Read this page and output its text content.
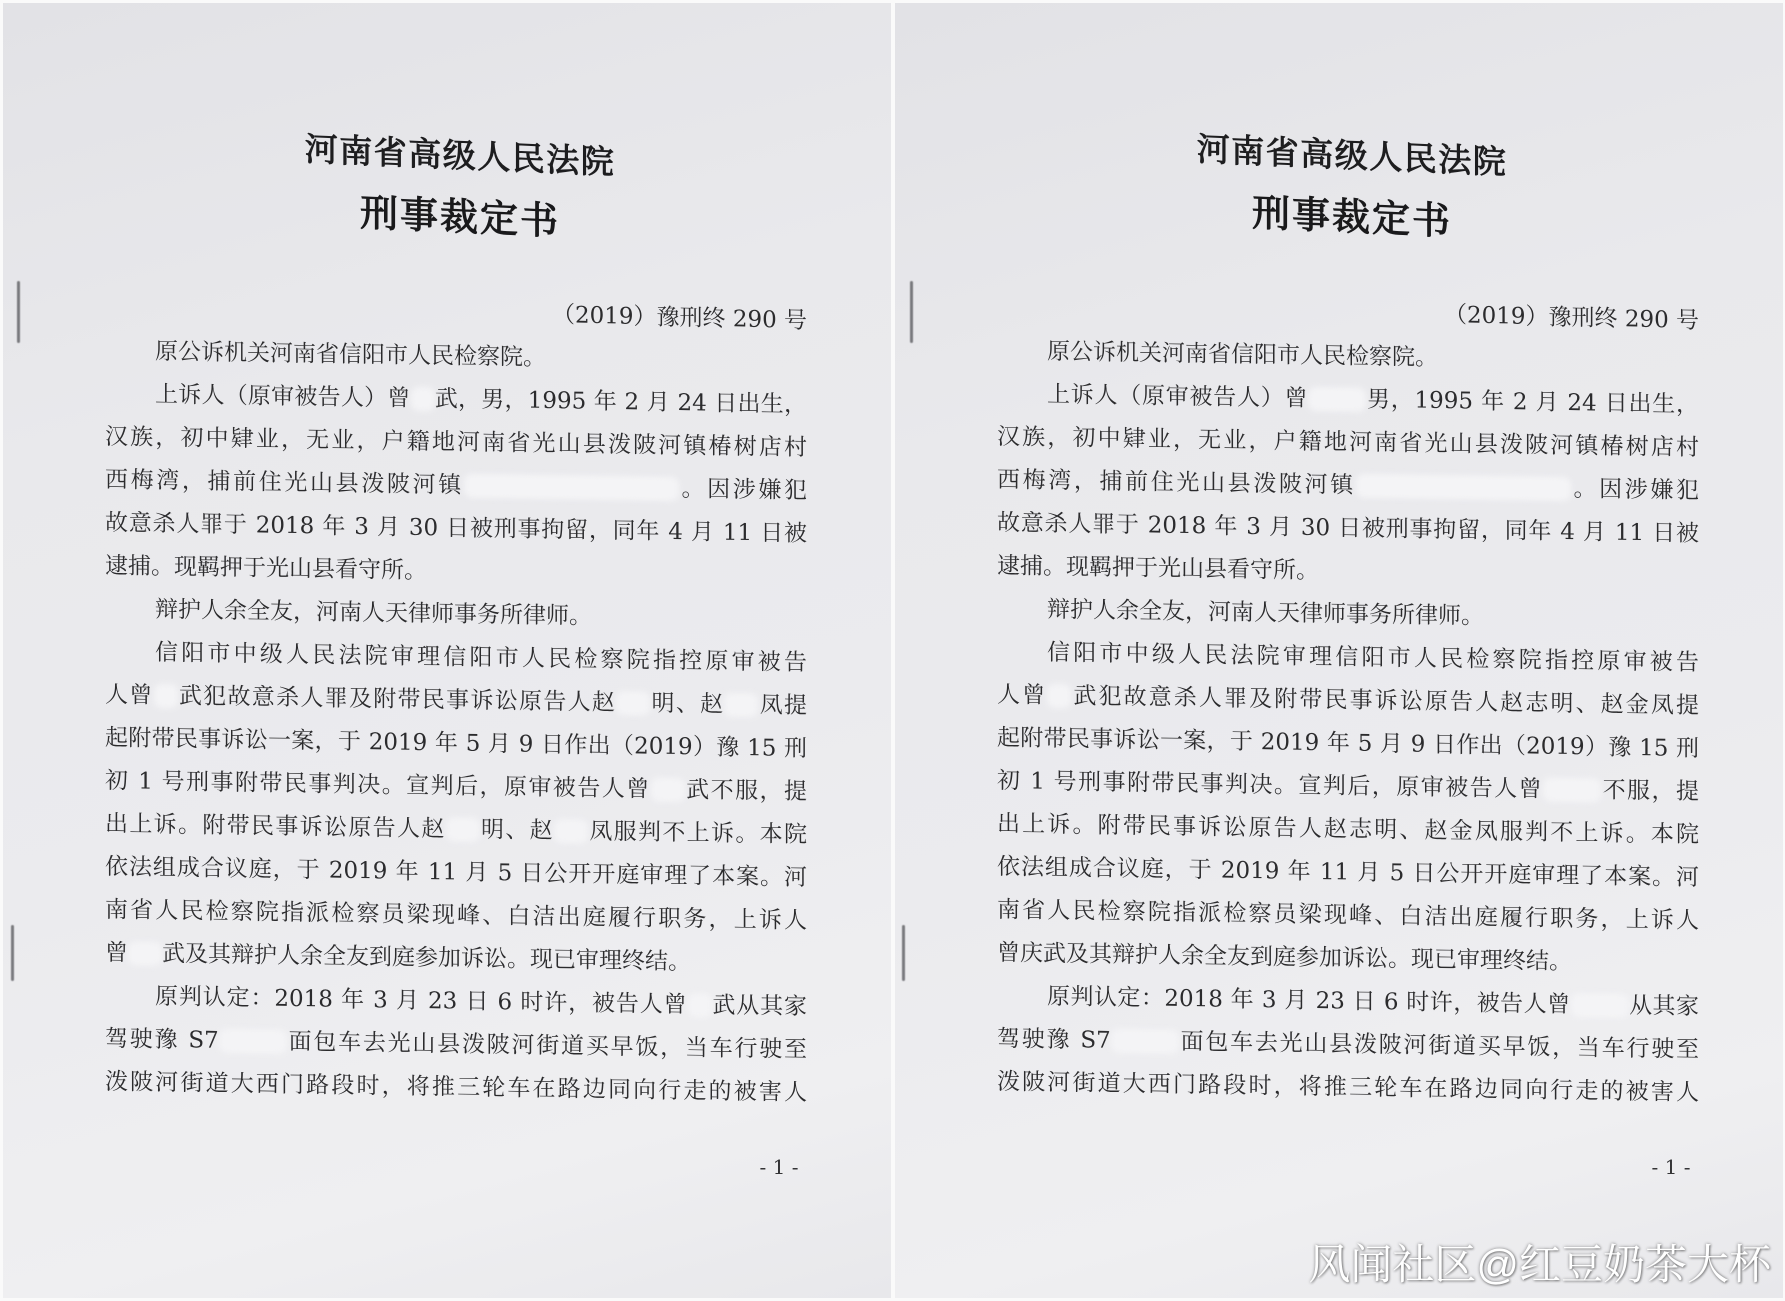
河南省高级人民法院
刑事裁定书
（2019）豫刑终 290 号
原公诉机关河南省信阳市人民检察院。
上诉人（原审被告人）曾 武，男，1995 年 2 月 24 日出生，
汉族，初中肄业，无业，户籍地河南省光山县泼陂河镇椿树店村
西梅湾，捕前住光山县泼陂河镇	。因涉嫌犯
故意杀人罪于 2018 年 3 月 30 日被刑事拘留，同年 4 月 11 日被
逮捕。现羁押于光山县看守所。
辩护人余全友，河南人天律师事务所律师。
信阳市中级人民法院审理信阳市人民检察院指控原审被告
人曾 武犯故意杀人罪及附带民事诉讼原告人赵 明、赵 凤提
起附带民事诉讼一案，于 2019 年 5 月 9 日作出（2019）豫 15 刑
初 1 号刑事附带民事判决。宣判后，原审被告人曾 武不服，提
出上诉。附带民事诉讼原告人赵 明、赵 凤服判不上诉。本院
依法组成合议庭，于 2019 年 11 月 5 日公开开庭审理了本案。河
南省人民检察院指派检察员梁现峰、白洁出庭履行职务，上诉人
曾 武及其辩护人余全友到庭参加诉讼。现已审理终结。
原判认定：2018 年 3 月 23 日 6 时许，被告人曾 武从其家
驾驶豫 S7	面包车去光山县泼陂河街道买早饭，当车行驶至
泼陂河街道大西门路段时，将推三轮车在路边同向行走的被害人
- 1 -
河南省高级人民法院
刑事裁定书
（2019）豫刑终 290 号
原公诉机关河南省信阳市人民检察院。
上诉人（原审被告人）曾	男，1995 年 2 月 24 日出生，
汉族，初中肄业，无业，户籍地河南省光山县泼陂河镇椿树店村
西梅湾，捕前住光山县泼陂河镇	。因涉嫌犯
故意杀人罪于 2018 年 3 月 30 日被刑事拘留，同年 4 月 11 日被
逮捕。现羁押于光山县看守所。
辩护人余全友，河南人天律师事务所律师。
信阳市中级人民法院审理信阳市人民检察院指控原审被告
人曾 武犯故意杀人罪及附带民事诉讼原告人赵志明、赵金凤提
起附带民事诉讼一案，于 2019 年 5 月 9 日作出（2019）豫 15 刑
初 1 号刑事附带民事判决。宣判后，原审被告人曾	不服，提
出上诉。附带民事诉讼原告人赵志明、赵金凤服判不上诉。本院
依法组成合议庭，于 2019 年 11 月 5 日公开开庭审理了本案。河
南省人民检察院指派检察员梁现峰、白洁出庭履行职务，上诉人
曾庆武及其辩护人余全友到庭参加诉讼。现已审理终结。
原判认定：2018 年 3 月 23 日 6 时许，被告人曾	从其家
驾驶豫 S7	面包车去光山县泼陂河街道买早饭，当车行驶至
泼陂河街道大西门路段时，将推三轮车在路边同向行走的被害人
- 1 -
风闻社区@红豆奶茶大杯
